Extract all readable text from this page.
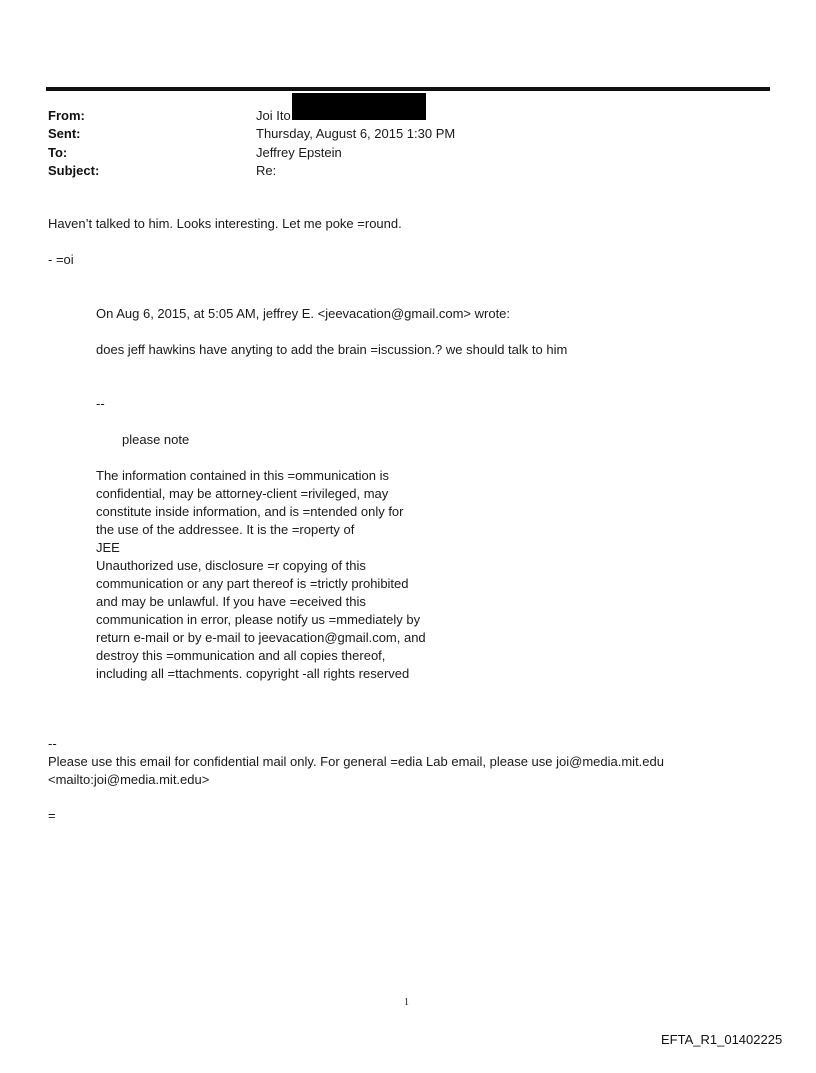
From:	Joi Ito
Sent:	Thursday, August 6, 2015 1:30 PM
To:	Jeffrey Epstein
Subject:	Re:
Haven’t talked to him. Looks interesting. Let me poke =round.
- =oi
On Aug 6, 2015, at 5:05 AM, jeffrey E. <jeevacation@gmail.com> wrote:
does jeff hawkins have anyting to add the brain =iscussion.? we should talk to him
--
please note
The information contained in this =ommunication is
confidential, may be attorney-client =rivileged, may
constitute inside information, and is =ntended only for
the use of the addressee. It is the =roperty of
JEE
Unauthorized use, disclosure =r copying of this
communication or any part thereof is =trictly prohibited
and may be unlawful. If you have =eceived this
communication in error, please notify us =mmediately by
return e-mail or by e-mail to jeevacation@gmail.com, and
destroy this =ommunication and all copies thereof,
including all =ttachments. copyright -all rights reserved
--
Please use this email for confidential mail only. For general =edia Lab email, please use joi@media.mit.edu
<mailto:joi@media.mit.edu>
=
1
EFTA_R1_01402225
